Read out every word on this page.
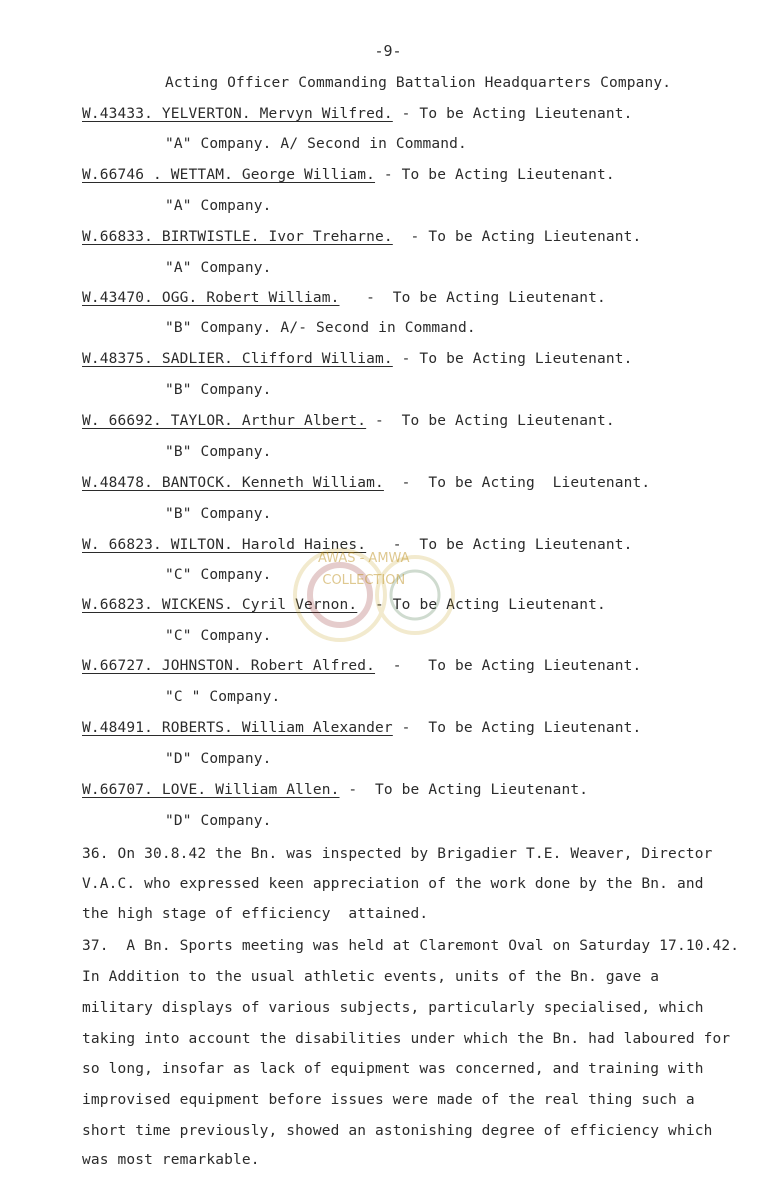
-9-
Acting Officer Commanding Battalion Headquarters Company.
W.43433. YELVERTON. Mervyn Wilfred. - To be Acting Lieutenant.
"A" Company. A/ Second in Command.
W.66746 . WETTAM. George William. - To be Acting Lieutenant.
"A" Company.
W.66833. BIRTWISTLE. Ivor Treharne.  - To be Acting Lieutenant.
"A" Company.
W.43470. OGG. Robert William.   -  To be Acting Lieutenant.
"B" Company. A/- Second in Command.
W.48375. SADLIER. Clifford William. - To be Acting Lieutenant.
"B" Company.
W. 66692. TAYLOR. Arthur Albert. -  To be Acting Lieutenant.
"B" Company.
W.48478. BANTOCK. Kenneth William.  -  To be Acting  Lieutenant.
"B" Company.
W. 66823. WILTON. Harold Haines.   -  To be Acting Lieutenant.
"C" Company.
W.66823. WICKENS. Cyril Vernon.  - To be Acting Lieutenant.
"C" Company.
W.66727. JOHNSTON. Robert Alfred.  -   To be Acting Lieutenant.
"C " Company.
W.48491. ROBERTS. William Alexander -  To be Acting Lieutenant.
"D" Company.
W.66707. LOVE. William Allen. -  To be Acting Lieutenant.
"D" Company.
36. On 30.8.42 the Bn. was inspected by Brigadier T.E. Weaver, Director
V.A.C. who expressed keen appreciation of the work done by the Bn. and
the high stage of efficiency  attained.
37.  A Bn. Sports meeting was held at Claremont Oval on Saturday 17.10.42.
In Addition to the usual athletic events, units of the Bn. gave a
military displays of various subjects, particularly specialised, which
taking into account the disabilities under which the Bn. had laboured for
so long, insofar as lack of equipment was concerned, and training with
improvised equipment before issues were made of the real thing such a
short time previously, showed an astonishing degree of efficiency which
was most remarkable.
AWAS - AMWA
COLLECTION
